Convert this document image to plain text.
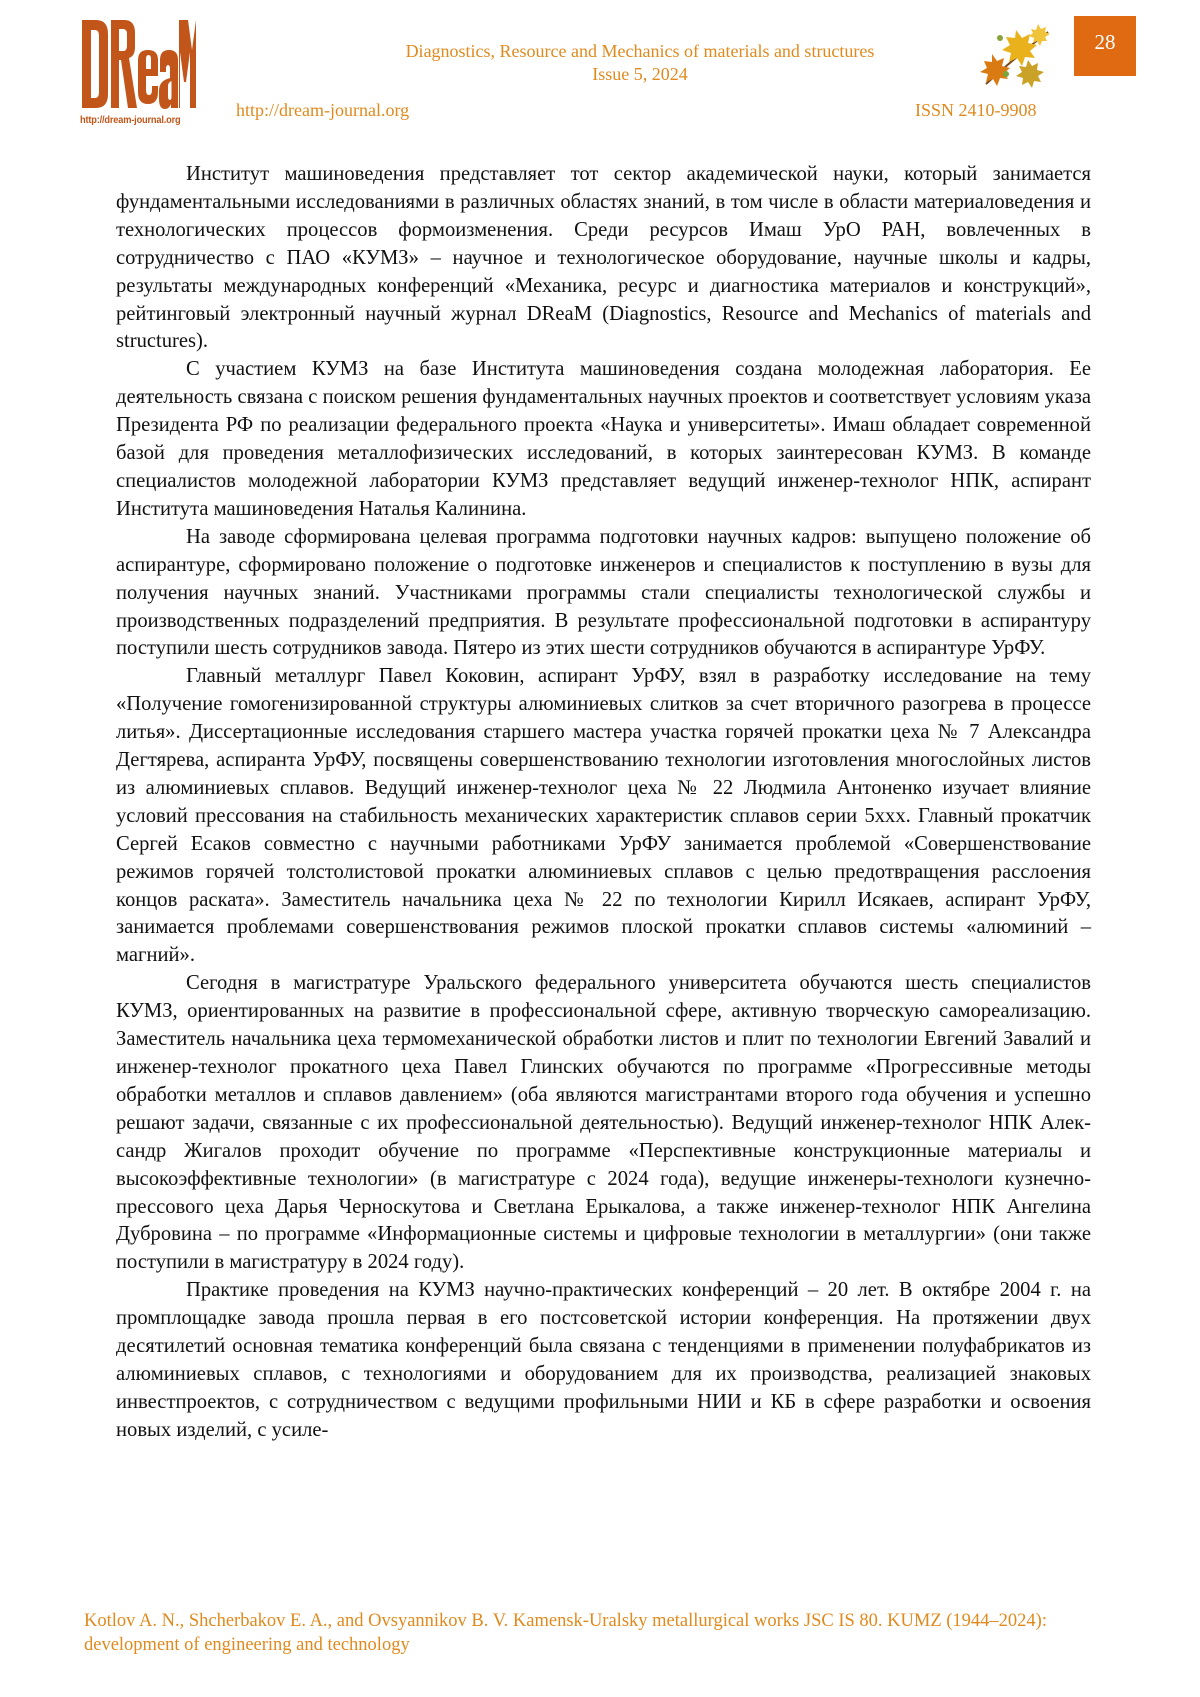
http://dream-journal.org
Diagnostics, Resource and Mechanics of materials and structures
Issue 5, 2024
http://dream-journal.org	ISSN 2410-9908
28

Институт машиноведения представляет тот сектор академической науки, который занимается фундаментальными исследованиями в различных областях знаний, в том числе в области материаловедения и технологических процессов формоизменения. Среди ресурсов Имаш УрО РАН, вовлеченных в сотрудничество с ПАО «КУМЗ» – научное и технологическое оборудование, научные школы и кадры, результаты международных конференций «Механика, ресурс и диагностика материалов и конструкций», рейтинговый электронный научный журнал DReaM (Diagnostics, Resource and Mechanics of materials and structures).

С участием КУМЗ на базе Института машиноведения создана молодежная лаборатория. Ее деятельность связана с поиском решения фундаментальных научных проектов и соответствует условиям указа Президента РФ по реализации федерального проекта «Наука и университеты». Имаш обладает современной базой для проведения металлофизических исследований, в которых заинтересован КУМЗ. В команде специалистов молодежной лаборатории КУМЗ представляет ведущий инженер-технолог НПК, аспирант Института машиноведения Наталья Калинина.

На заводе сформирована целевая программа подготовки научных кадров: выпущено положение об аспирантуре, сформировано положение о подготовке инженеров и специалистов к поступлению в вузы для получения научных знаний. Участниками программы стали специалисты технологической службы и производственных подразделений предприятия. В результате профессиональной подготовки в аспирантуру поступили шесть сотрудников завода. Пятеро из этих шести сотрудников обучаются в аспирантуре УрФУ.

Главный металлург Павел Коковин, аспирант УрФУ, взял в разработку исследование на тему «Получение гомогенизированной структуры алюминиевых слитков за счет вторичного разогрева в процессе литья». Диссертационные исследования старшего мастера участка горячей прокатки цеха № 7 Александра Дегтярева, аспиранта УрФУ, посвящены совершенствованию технологии изготовления многослойных листов из алюминиевых сплавов. Ведущий инженер-технолог цеха № 22 Людмила Антоненко изучает влияние условий прессования на стабильность механических характеристик сплавов серии 5ххх. Главный прокатчик Сергей Есаков совместно с научными работниками УрФУ занимается проблемой «Совершенствование режимов горячей толстолистовой прокатки алюминиевых сплавов с целью предотвращения расслоения концов раската». Заместитель начальника цеха № 22 по технологии Кирилл Исякаев, аспирант УрФУ, занимается проблемами совершенствования режимов плоской прокатки сплавов системы «алюминий – магний».

Сегодня в магистратуре Уральского федерального университета обучаются шесть специалистов КУМЗ, ориентированных на развитие в профессиональной сфере, активную творческую самореализацию. Заместитель начальника цеха термомеханической обработки листов и плит по технологии Евгений Завалий и инженер-технолог прокатного цеха Павел Глинских обучаются по программе «Прогрессивные методы обработки металлов и сплавов давлением» (оба являются магистрантами второго года обучения и успешно решают задачи, связанные с их профессиональной деятельностью). Ведущий инженер-технолог НПК Александр Жигалов проходит обучение по программе «Перспективные конструкционные материалы и высокоэффективные технологии» (в магистратуре с 2024 года), ведущие инженеры-технологи кузнечно-прессового цеха Дарья Черноскутова и Светлана Ерыкалова, а также инженер-технолог НПК Ангелина Дубровина – по программе «Информационные системы и цифровые технологии в металлургии» (они также поступили в магистратуру в 2024 году).

Практике проведения на КУМЗ научно-практических конференций – 20 лет. В октябре 2004 г. на промплощадке завода прошла первая в его постсоветской истории конференция. На протяжении двух десятилетий основная тематика конференций была связана с тенденциями в применении полуфабрикатов из алюминиевых сплавов, с технологиями и оборудованием для их производства, реализацией знаковых инвестпроектов, с сотрудничеством с ведущими профильными НИИ и КБ в сфере разработки и освоения новых изделий, с усиле-

Kotlov A. N., Shcherbakov E. A., and Ovsyannikov B. V. Kamensk-Uralsky metallurgical works JSC IS 80. KUMZ (1944–2024): development of engineering and technology
